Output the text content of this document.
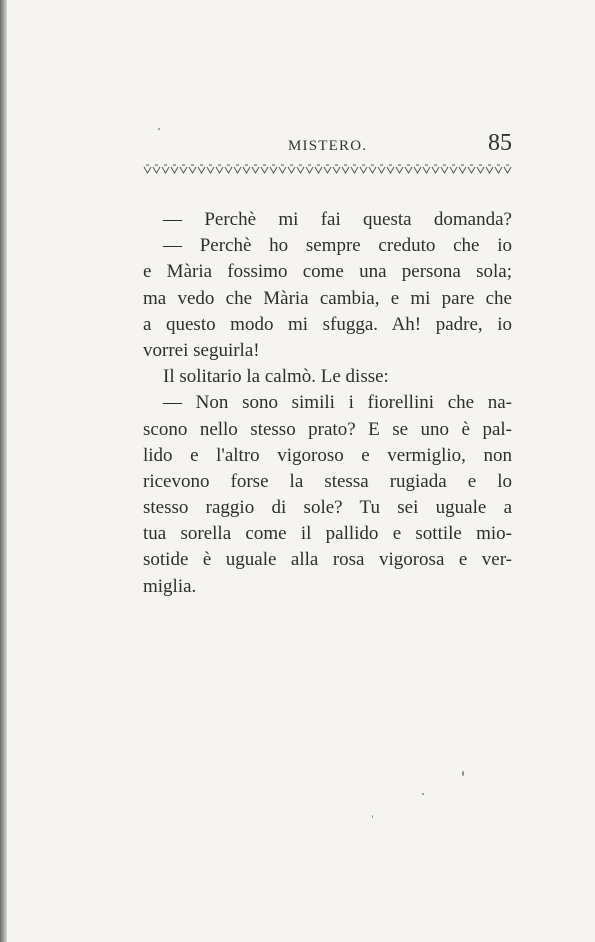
MISTERO.	85
— Perchè mi fai questa domanda?
— Perchè ho sempre creduto che io
e Mària fossimo come una persona sola;
ma vedo che Mària cambia, e mi pare che
a questo modo mi sfugga. Ah! padre, io
vorrei seguirla!
Il solitario la calmò. Le disse:
— Non sono simili i fiorellini che na-
scono nello stesso prato? E se uno è pal-
lido e l'altro vigoroso e vermiglio, non
ricevono forse la stessa rugiada e lo
stesso raggio di sole? Tu sei uguale a
tua sorella come il pallido e sottile mio-
sotide è uguale alla rosa vigorosa e ver-
miglia.
